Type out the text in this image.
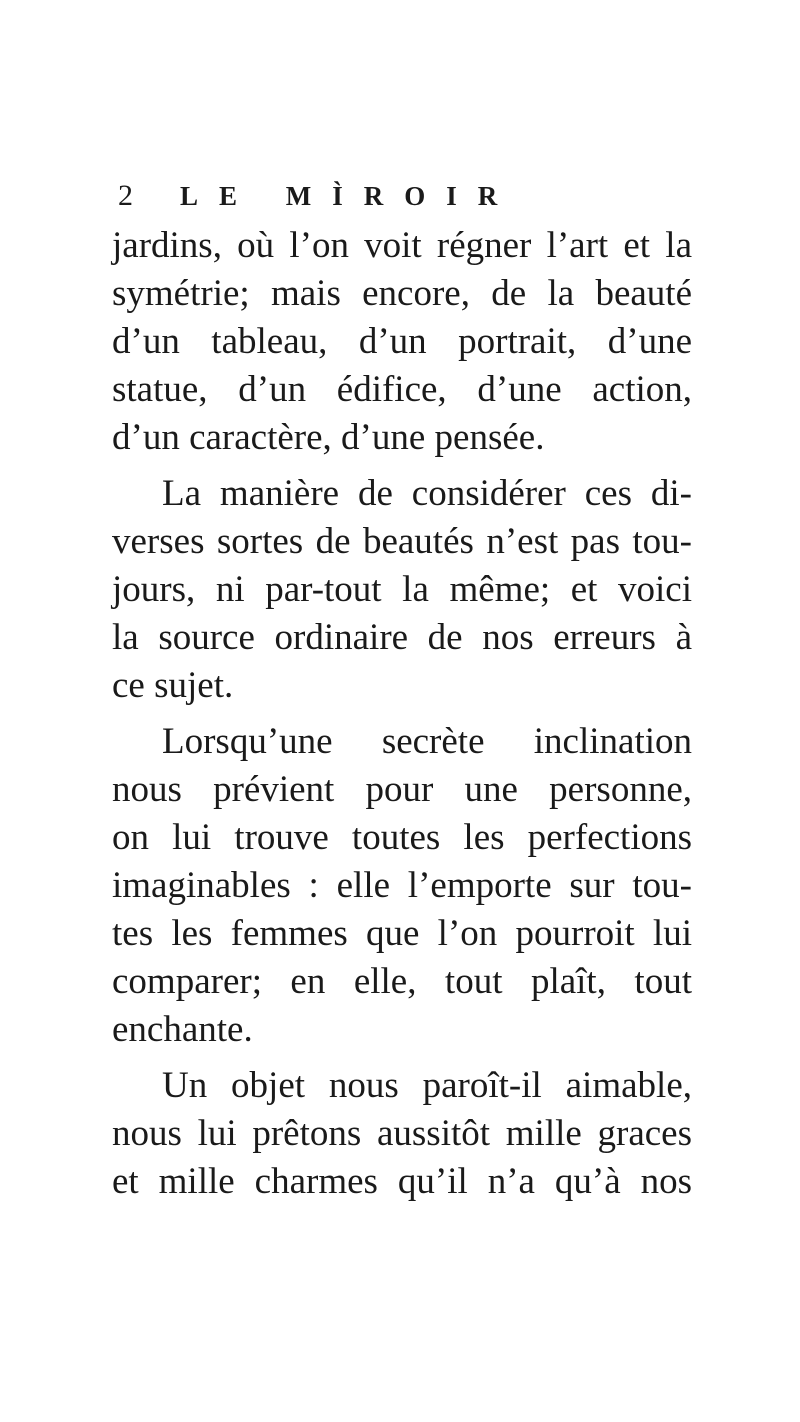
2 LE MÌROIR
jardins, où l’on voit régner l’art et la
symétrie; mais encore, de la beauté
d’un tableau, d’un portrait, d’une
statue, d’un édifice, d’une action,
d’un caractère, d’une pensée.
La manière de considérer ces di-
verses sortes de beautés n’est pas tou-
jours, ni par-tout la même; et voici
la source ordinaire de nos erreurs à
ce sujet.
Lorsqu’une secrète inclination
nous prévient pour une personne,
on lui trouve toutes les perfections
imaginables : elle l’emporte sur tou-
tes les femmes que l’on pourroit lui
comparer; en elle, tout plaît, tout
enchante.
Un objet nous paroît-il aimable,
nous lui prêtons aussitôt mille graces
et mille charmes qu’il n’a qu’à nos
